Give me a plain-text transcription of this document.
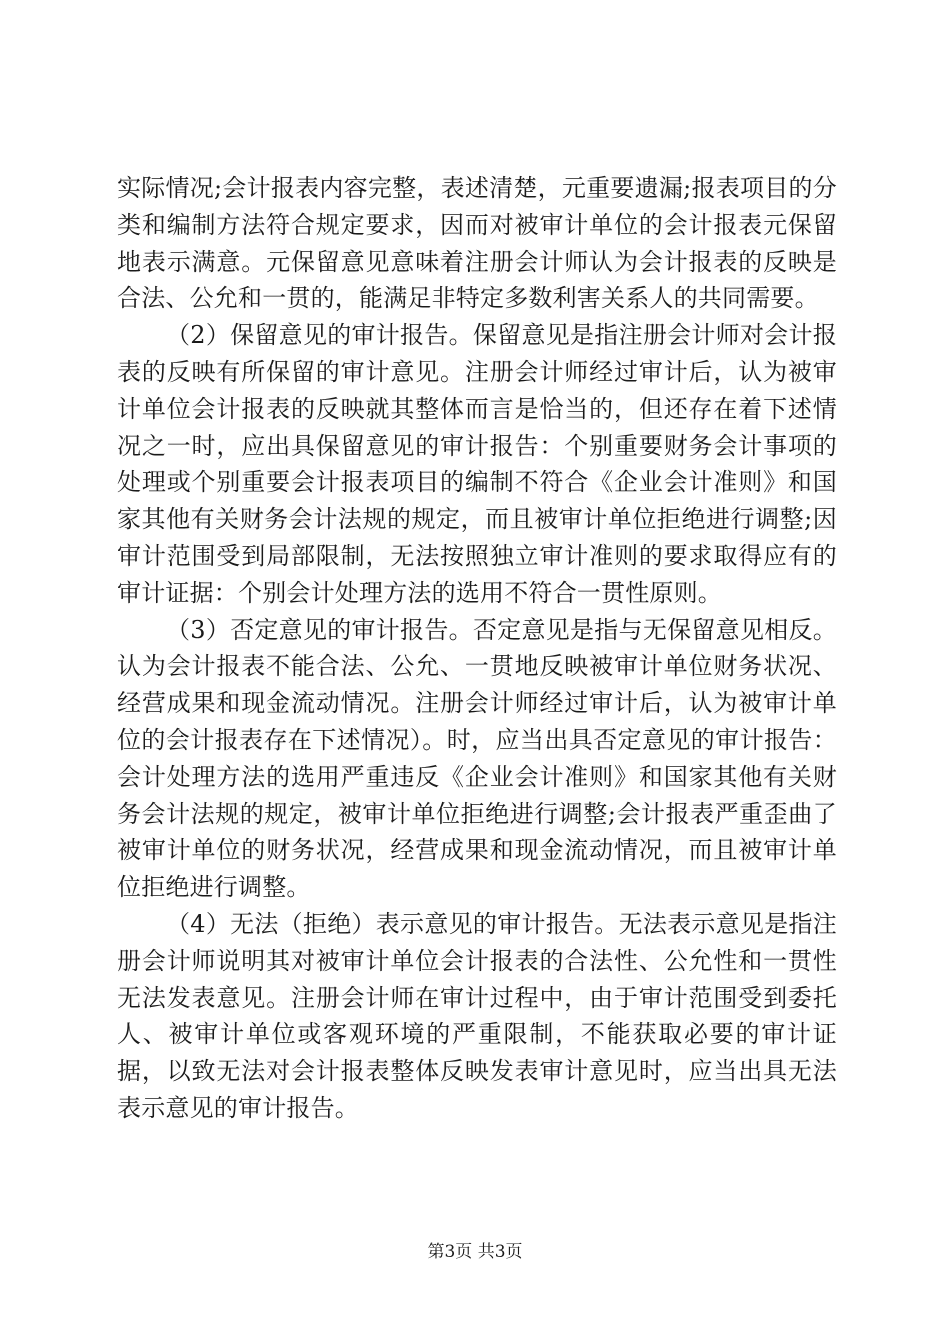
实际情况;会计报表内容完整，表述清楚，元重要遗漏;报表项目的分类和编制方法符合规定要求，因而对被审计单位的会计报表元保留地表示满意。元保留意见意味着注册会计师认为会计报表的反映是合法、公允和一贯的，能满足非特定多数利害关系人的共同需要。

（2）保留意见的审计报告。保留意见是指注册会计师对会计报表的反映有所保留的审计意见。注册会计师经过审计后，认为被审计单位会计报表的反映就其整体而言是恰当的，但还存在着下述情况之一时，应出具保留意见的审计报告：个别重要财务会计事项的处理或个别重要会计报表项目的编制不符合《企业会计准则》和国家其他有关财务会计法规的规定，而且被审计单位拒绝进行调整;因审计范围受到局部限制，无法按照独立审计准则的要求取得应有的审计证据：个别会计处理方法的选用不符合一贯性原则。

（3）否定意见的审计报告。否定意见是指与无保留意见相反。认为会计报表不能合法、公允、一贯地反映被审计单位财务状况、经营成果和现金流动情况。注册会计师经过审计后，认为被审计单位的会计报表存在下述情况）。时，应当出具否定意见的审计报告：会计处理方法的选用严重违反《企业会计准则》和国家其他有关财务会计法规的规定，被审计单位拒绝进行调整;会计报表严重歪曲了被审计单位的财务状况，经营成果和现金流动情况，而且被审计单位拒绝进行调整。

（4）无法（拒绝）表示意见的审计报告。无法表示意见是指注册会计师说明其对被审计单位会计报表的合法性、公允性和一贯性无法发表意见。注册会计师在审计过程中，由于审计范围受到委托人、被审计单位或客观环境的严重限制，不能获取必要的审计证据，以致无法对会计报表整体反映发表审计意见时，应当出具无法表示意见的审计报告。

第3页 共3页
